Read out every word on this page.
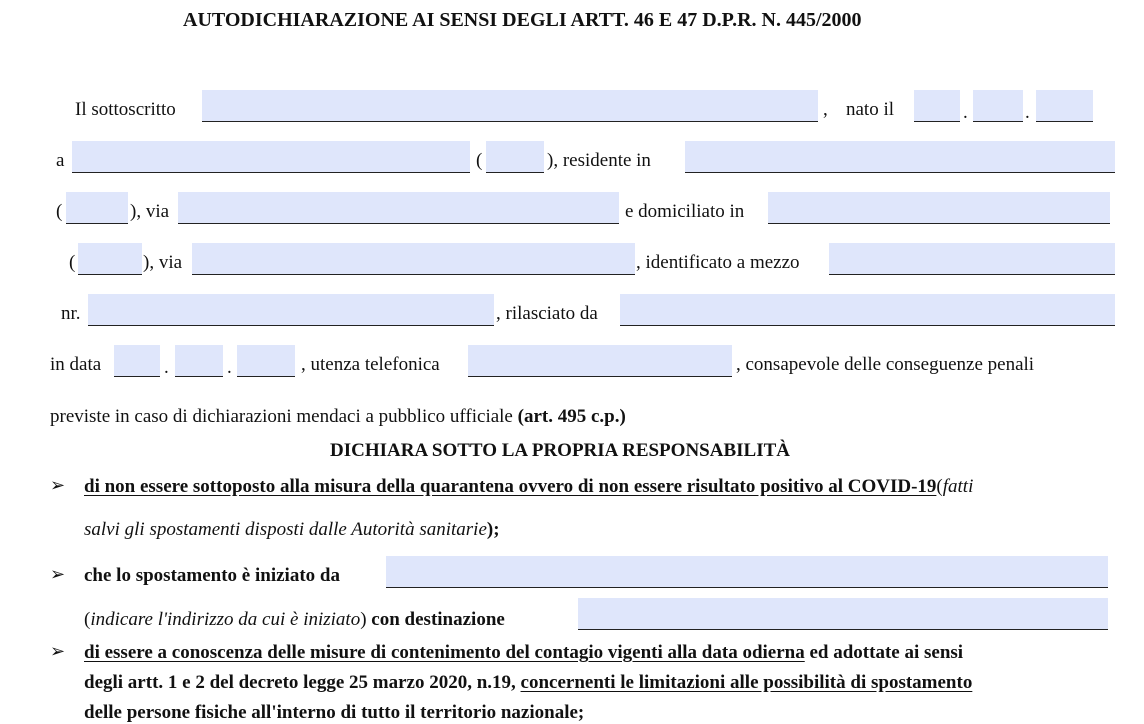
AUTODICHIARAZIONE AI SENSI DEGLI ARTT. 46 E 47 D.P.R. N. 445/2000
Il sottoscritto	, nato il	.	.
a	(	), residente in
(	), via	e domiciliato in
(	), via	, identificato a mezzo
nr.	, rilasciato da
in data	.	.	, utenza telefonica	, consapevole delle conseguenze penali
previste in caso di dichiarazioni mendaci a pubblico ufficiale (art. 495 c.p.)
DICHIARA SOTTO LA PROPRIA RESPONSABILITÀ
➢ di non essere sottoposto alla misura della quarantena ovvero di non essere risultato positivo al COVID-19(fatti
salvi gli spostamenti disposti dalle Autorità sanitarie);
➢ che lo spostamento è iniziato da
(indicare l'indirizzo da cui è iniziato) con destinazione
➢ di essere a conoscenza delle misure di contenimento del contagio vigenti alla data odierna ed adottate ai sensi
degli artt. 1 e 2 del decreto legge 25 marzo 2020, n.19, concernenti le limitazioni alle possibilità di spostamento
delle persone fisiche all'interno di tutto il territorio nazionale;
